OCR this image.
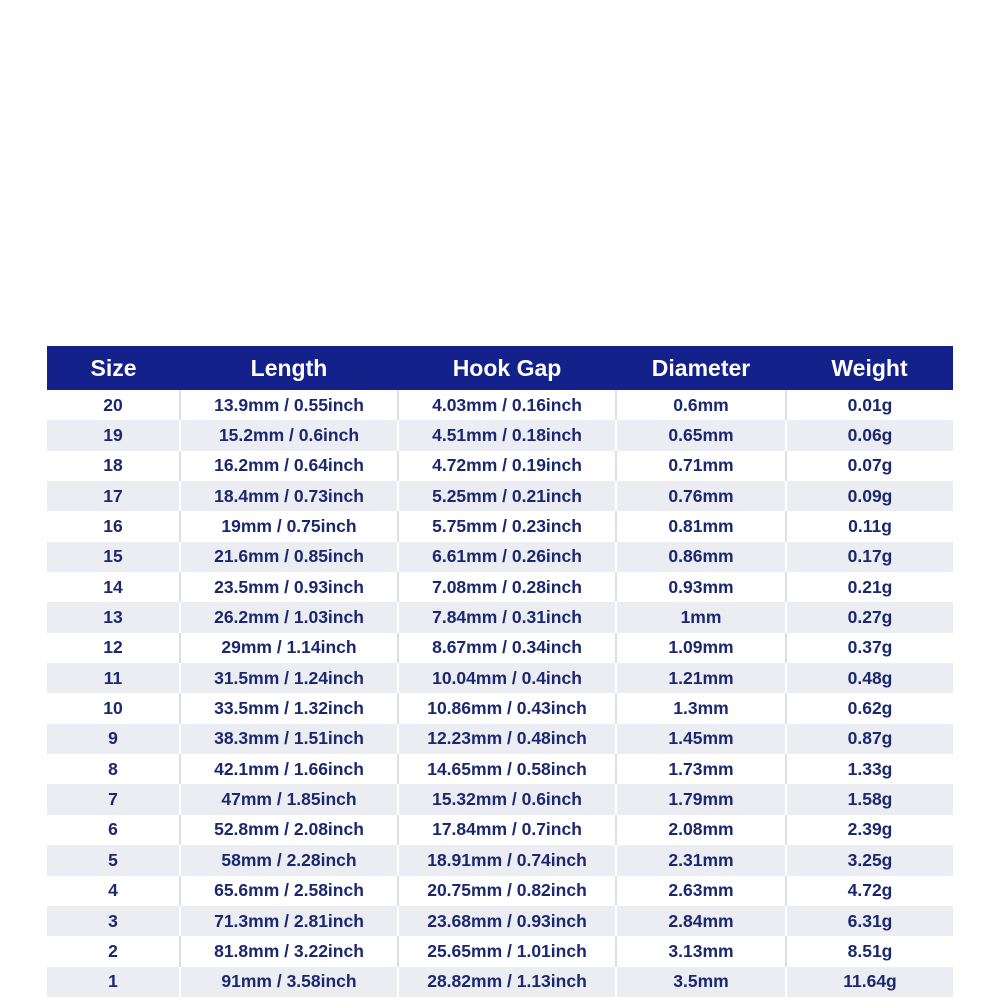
Size	Length	Hook Gap	Diameter	Weight
20	13.9mm / 0.55inch	4.03mm / 0.16inch	0.6mm	0.01g
19	15.2mm / 0.6inch	4.51mm / 0.18inch	0.65mm	0.06g
18	16.2mm / 0.64inch	4.72mm / 0.19inch	0.71mm	0.07g
17	18.4mm / 0.73inch	5.25mm / 0.21inch	0.76mm	0.09g
16	19mm / 0.75inch	5.75mm / 0.23inch	0.81mm	0.11g
15	21.6mm / 0.85inch	6.61mm / 0.26inch	0.86mm	0.17g
14	23.5mm / 0.93inch	7.08mm / 0.28inch	0.93mm	0.21g
13	26.2mm / 1.03inch	7.84mm / 0.31inch	1mm	0.27g
12	29mm / 1.14inch	8.67mm / 0.34inch	1.09mm	0.37g
11	31.5mm / 1.24inch	10.04mm / 0.4inch	1.21mm	0.48g
10	33.5mm / 1.32inch	10.86mm / 0.43inch	1.3mm	0.62g
9	38.3mm / 1.51inch	12.23mm / 0.48inch	1.45mm	0.87g
8	42.1mm / 1.66inch	14.65mm / 0.58inch	1.73mm	1.33g
7	47mm / 1.85inch	15.32mm / 0.6inch	1.79mm	1.58g
6	52.8mm / 2.08inch	17.84mm / 0.7inch	2.08mm	2.39g
5	58mm / 2.28inch	18.91mm / 0.74inch	2.31mm	3.25g
4	65.6mm / 2.58inch	20.75mm / 0.82inch	2.63mm	4.72g
3	71.3mm / 2.81inch	23.68mm / 0.93inch	2.84mm	6.31g
2	81.8mm / 3.22inch	25.65mm / 1.01inch	3.13mm	8.51g
1	91mm / 3.58inch	28.82mm / 1.13inch	3.5mm	11.64g
